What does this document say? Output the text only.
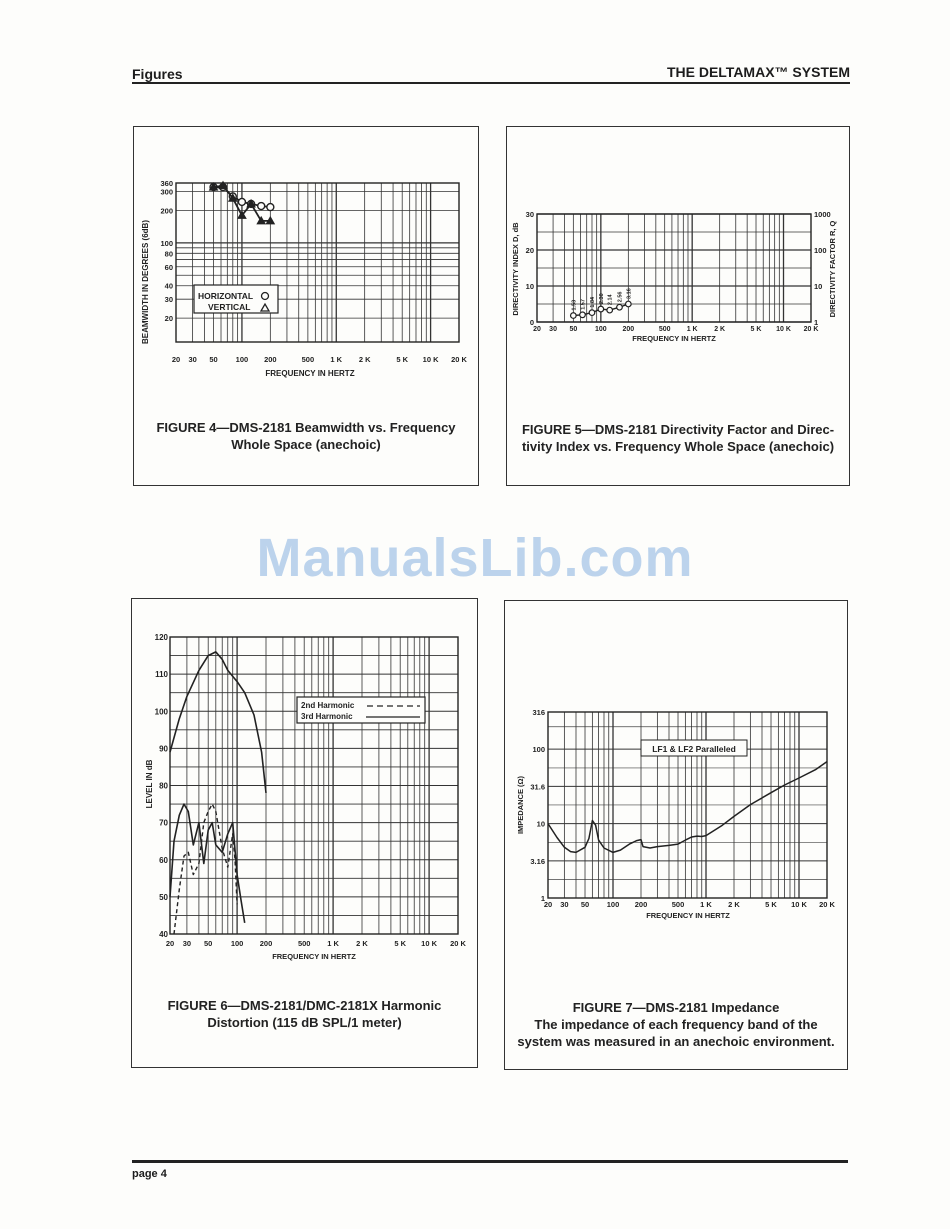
Figures	THE DELTAMAX™ SYSTEM
360
300
200
100
80
60
40
30
20
20 30 50 100 200	500 1 K 2 K	5 K 10 K 20 K
HORIZONTAL
VERTICAL
BEAMWIDTH IN DEGREES (6dB)
FREQUENCY IN HERTZ
FIGURE 4—DMS-2181 Beamwidth vs. Frequency
Whole Space (anechoic)
30	1000
20	100
10	10
0	1
20 30 50	100 200	500 1 K 2 K	5 K 10 K 20 K
1.53 1.57 1.84 2.30 2.14 2.56 3.16
DIRECTIVITY INDEX D, dB	DIRECTIVITY FACTOR R, Q
FREQUENCY IN HERTZ
FIGURE 5—DMS-2181 Directivity Factor and Direc-
tivity Index vs. Frequency Whole Space (anechoic)
ManualsLib.com
120
110
100
90
80
70
60
50
40
20 30 50 100 200	500 1 K 2 K	5 K 10 K 20 K
2nd Harmonic
3rd Harmonic
LEVEL IN dB
FREQUENCY IN HERTZ
FIGURE 6—DMS-2181/DMC-2181X Harmonic
Distortion (115 dB SPL/1 meter)
316
100
31.6
10
3.16
1
20 30 50 100 200	500 1 K 2 K	5 K 10 K 20 K
LF1 & LF2 Paralleled
IMPEDANCE (Ω)
FREQUENCY IN HERTZ
FIGURE 7—DMS-2181 Impedance
The impedance of each frequency band of the
system was measured in an anechoic environment.
page 4
